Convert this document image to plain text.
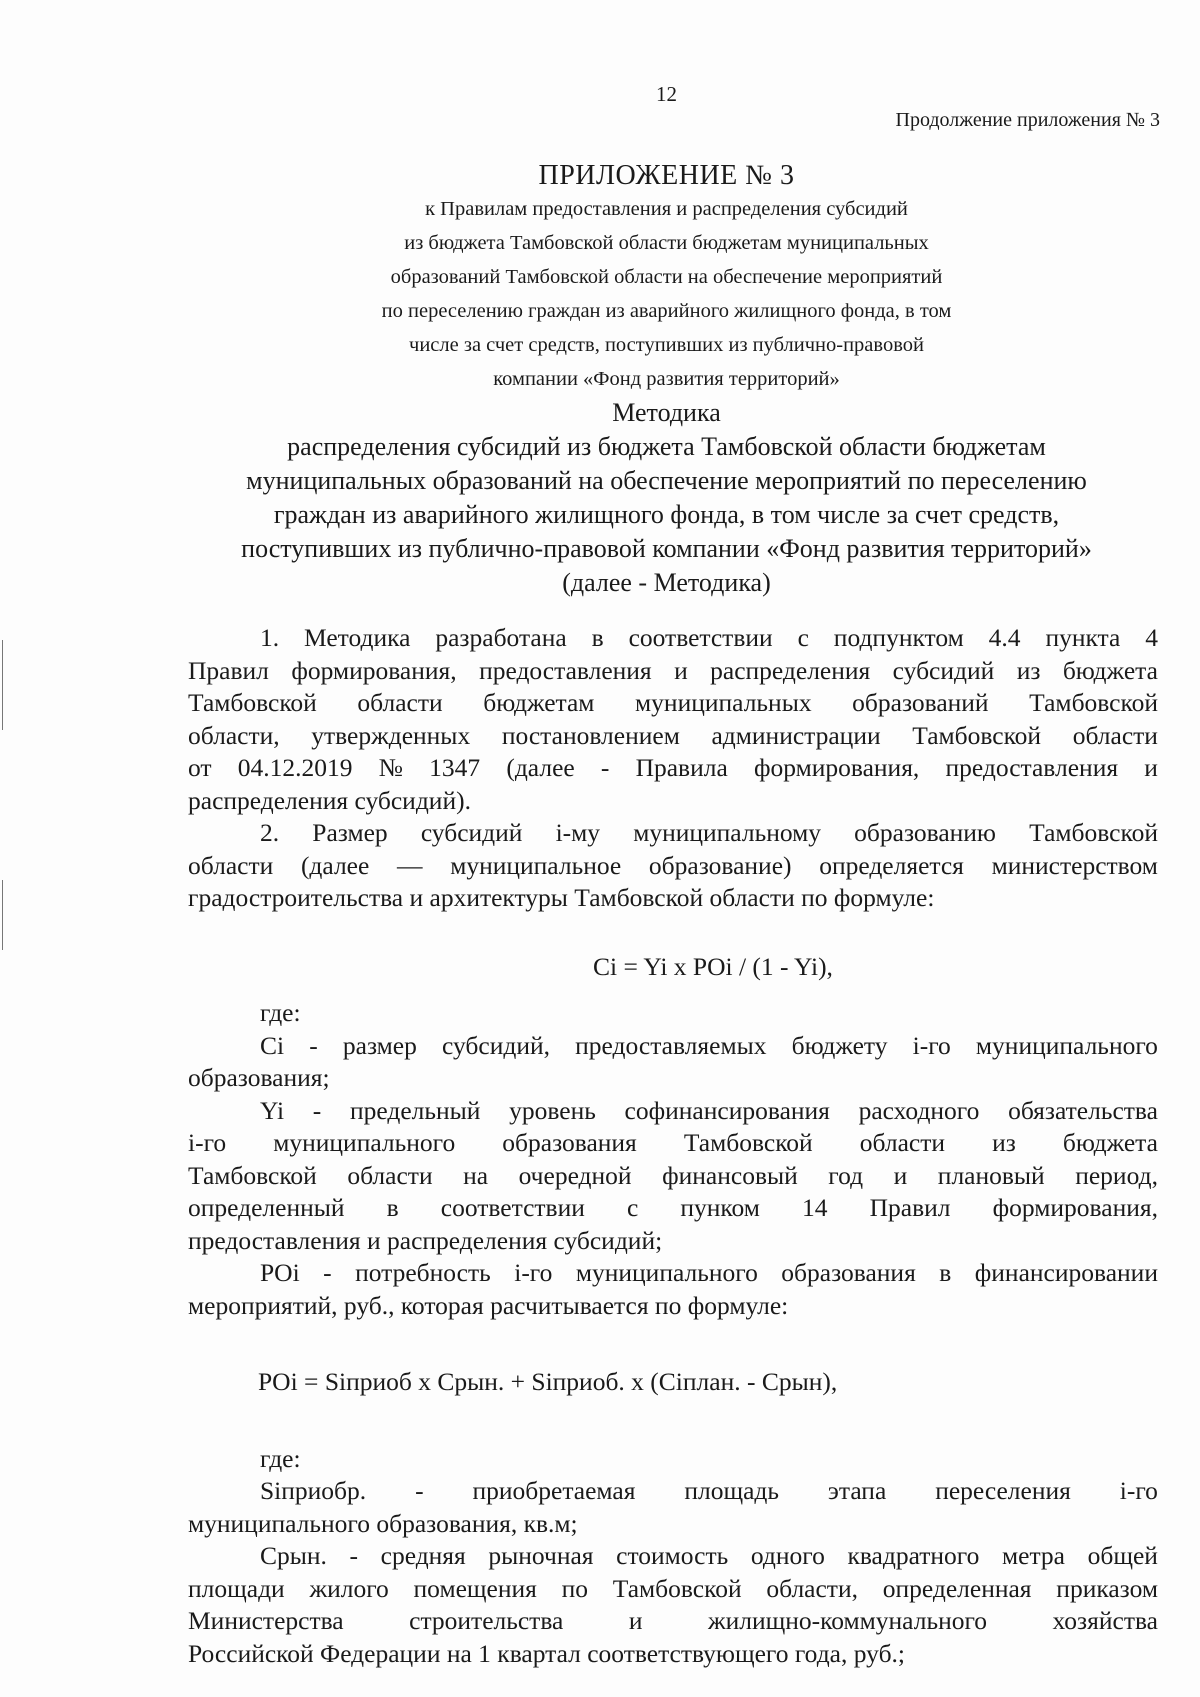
12
Продолжение приложения № 3
ПРИЛОЖЕНИЕ № 3
к Правилам предоставления и распределения субсидий
из бюджета Тамбовской области бюджетам муниципальных
образований Тамбовской области на обеспечение мероприятий
по переселению граждан из аварийного жилищного фонда, в том
числе за счет средств, поступивших из публично-правовой
компании «Фонд развития территорий»
Методика
распределения субсидий из бюджета Тамбовской области бюджетам
муниципальных образований на обеспечение мероприятий по переселению
граждан из аварийного жилищного фонда, в том числе за счет средств,
поступивших из публично-правовой компании «Фонд развития территорий»
(далее - Методика)
1. Методика разработана в соответствии с подпунктом 4.4 пункта 4
Правил формирования, предоставления и распределения субсидий из бюджета
Тамбовской области бюджетам муниципальных образований Тамбовской
области, утвержденных постановлением администрации Тамбовской области
от 04.12.2019 № 1347 (далее - Правила формирования, предоставления и
распределения субсидий).
2. Размер субсидий i-му муниципальному образованию Тамбовской
области (далее — муниципальное образование) определяется министерством
градостроительства и архитектуры Тамбовской области по формуле:
Ci = Yi x POi / (1 - Yi),
где:
Ci - размер субсидий, предоставляемых бюджету i-го муниципального
образования;
Yi - предельный уровень софинансирования расходного обязательства
i-го муниципального образования Тамбовской области из бюджета
Тамбовской области на очередной финансовый год и плановый период,
определенный в соответствии с пунком 14 Правил формирования,
предоставления и распределения субсидий;
POi - потребность i-го муниципального образования в финансировании
мероприятий, руб., которая расчитывается по формуле:
POi = Siприоб x Cрын. + Siприоб. x (Ciплан. - Cрын),
где:
Siприобр. - приобретаемая площадь этапа переселения i-го
муниципального образования, кв.м;
Срын. - средняя рыночная стоимость одного квадратного метра общей
площади жилого помещения по Тамбовской области, определенная приказом
Министерства	строительства	и	жилищно-коммунального	хозяйства
Российской Федерации на 1 квартал соответствующего года, руб.;
